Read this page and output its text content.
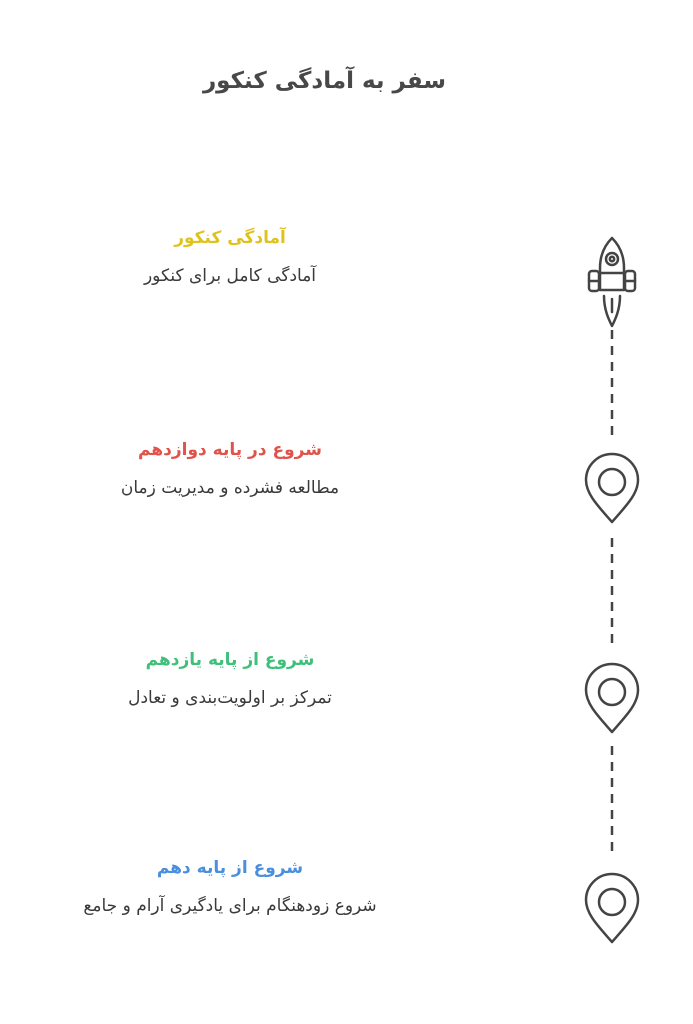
سفر به آمادگی کنکور
آمادگی کنکور
آمادگی کامل برای کنکور
شروع در پایه دوازدهم
مطالعه فشرده و مدیریت زمان
شروع از پایه یازدهم
تمرکز بر اولویت‌بندی و تعادل
شروع از پایه دهم
شروع زودهنگام برای یادگیری آرام و جامع
